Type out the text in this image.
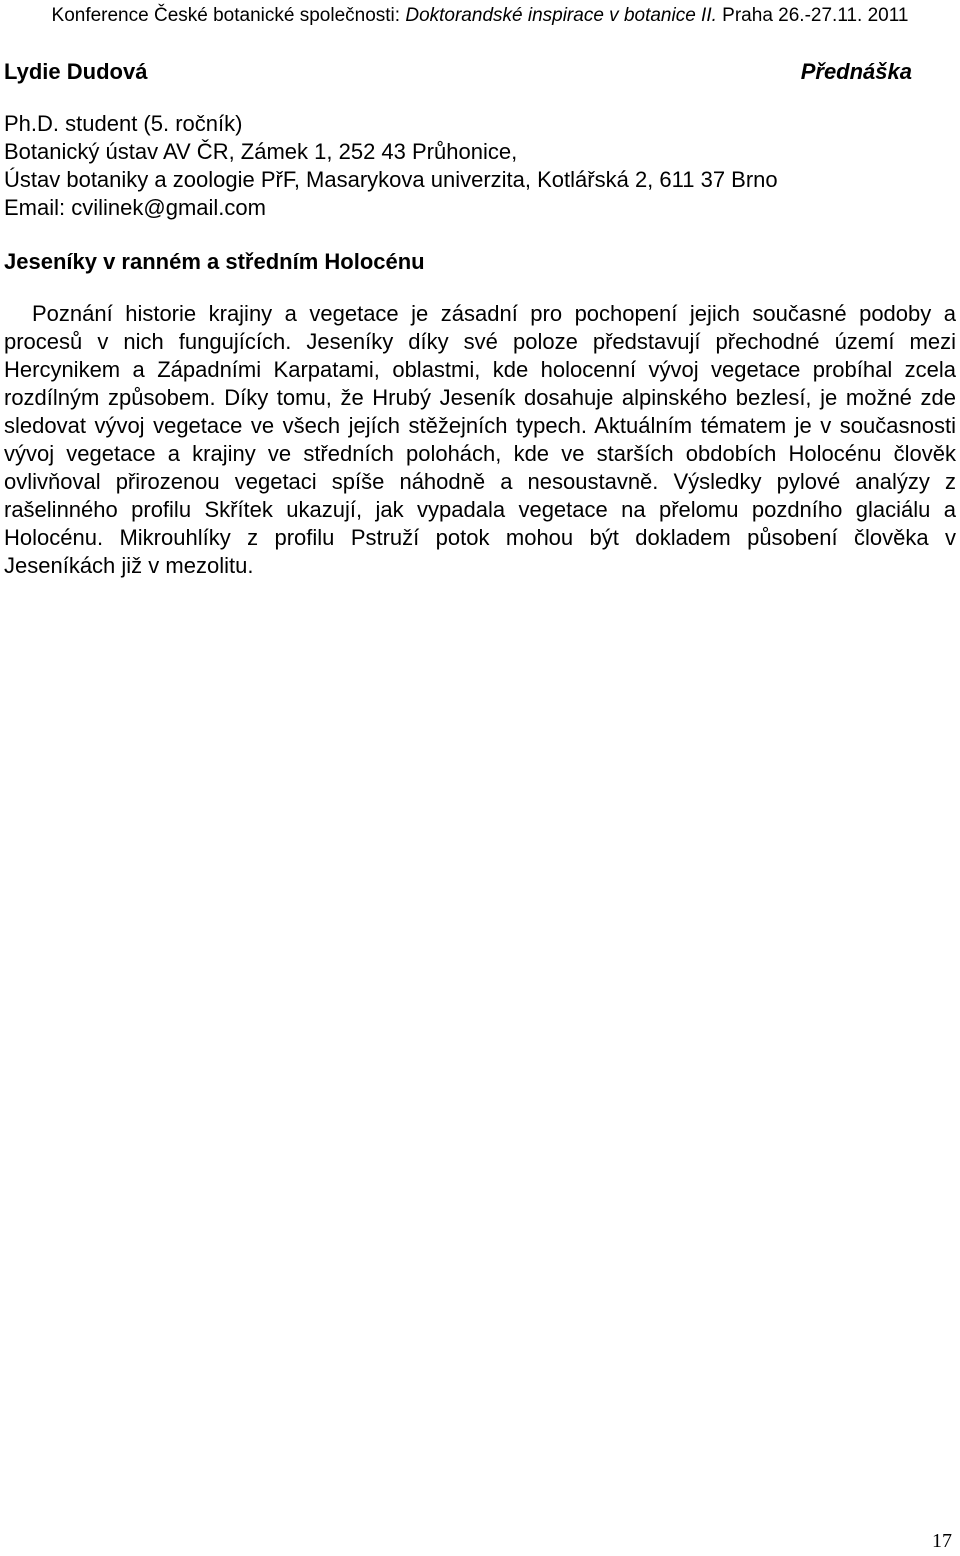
Konference České botanické společnosti: Doktorandské inspirace v botanice II. Praha 26.-27.11. 2011
Lydie Dudová	Přednáška
Ph.D. student (5. ročník)
Botanický ústav AV ČR, Zámek 1, 252 43 Průhonice,
Ústav botaniky a zoologie PřF, Masarykova univerzita, Kotlářská 2, 611 37 Brno
Email: cvilinek@gmail.com
Jeseníky v ranném a středním Holocénu

Poznání historie krajiny a vegetace je zásadní pro pochopení jejich současné podoby a procesů v nich fungujících. Jeseníky díky své poloze představují přechodné území mezi Hercynikem a Západními Karpatami, oblastmi, kde holocenní vývoj vegetace probíhal zcela rozdílným způsobem. Díky tomu, že Hrubý Jeseník dosahuje alpinského bezlesí, je možné zde sledovat vývoj vegetace ve všech jejích stěžejních typech. Aktuálním tématem je v současnosti vývoj vegetace a krajiny ve středních polohách, kde ve starších obdobích Holocénu člověk ovlivňoval přirozenou vegetaci spíše náhodně a nesoustavně. Výsledky pylové analýzy z rašelinného profilu Skřítek ukazují, jak vypadala vegetace na přelomu pozdního glaciálu a Holocénu. Mikrouhlíky z profilu Pstruží potok mohou být dokladem působení člověka v Jeseníkách již v mezolitu.

17
